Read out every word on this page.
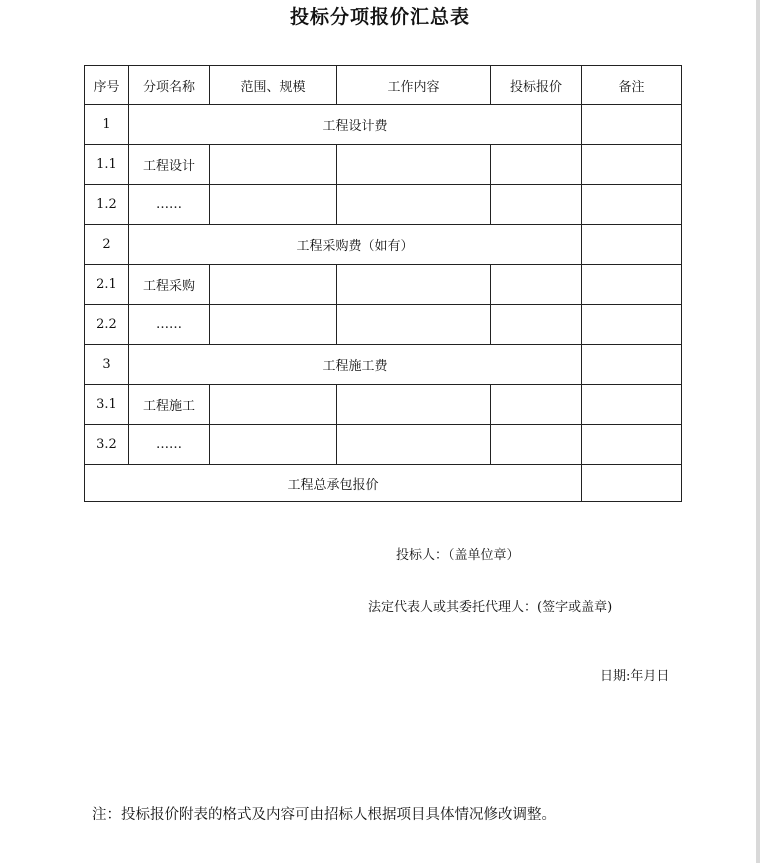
投标分项报价汇总表
序号	分项名称	范围、规模	工作内容	投标报价	备注
1	工程设计费				
1.1	工程设计				
1.2	……				
2	工程采购费（如有）				
2.1	工程采购				
2.2	……				
3	工程施工费				
3.1	工程施工				
3.2	……				
工程总承包报价					
投标人：（盖单位章）
法定代表人或其委托代理人：(签字或盖章)
日期:年月日
注：投标报价附表的格式及内容可由招标人根据项目具体情况修改调整。
